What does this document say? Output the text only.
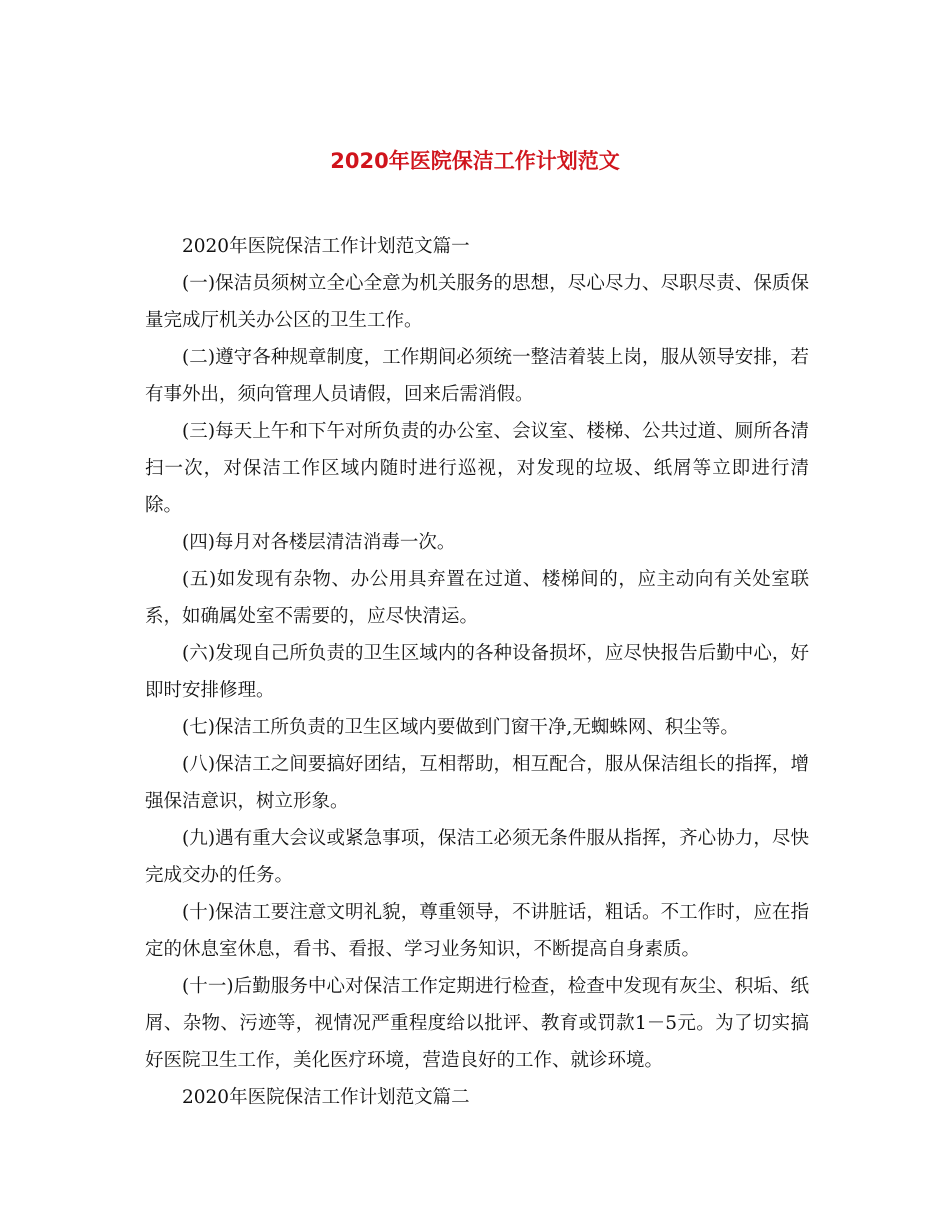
2020年医院保洁工作计划范文

2020年医院保洁工作计划范文篇一

(一)保洁员须树立全心全意为机关服务的思想，尽心尽力、尽职尽责、保质保量完成厅机关办公区的卫生工作。

(二)遵守各种规章制度，工作期间必须统一整洁着装上岗，服从领导安排，若有事外出，须向管理人员请假，回来后需消假。

(三)每天上午和下午对所负责的办公室、会议室、楼梯、公共过道、厕所各清扫一次，对保洁工作区域内随时进行巡视，对发现的垃圾、纸屑等立即进行清除。

(四)每月对各楼层清洁消毒一次。

(五)如发现有杂物、办公用具弃置在过道、楼梯间的，应主动向有关处室联系，如确属处室不需要的，应尽快清运。

(六)发现自己所负责的卫生区域内的各种设备损坏，应尽快报告后勤中心，好即时安排修理。

(七)保洁工所负责的卫生区域内要做到门窗干净,无蜘蛛网、积尘等。

(八)保洁工之间要搞好团结，互相帮助，相互配合，服从保洁组长的指挥，增强保洁意识，树立形象。

(九)遇有重大会议或紧急事项，保洁工必须无条件服从指挥，齐心协力，尽快完成交办的任务。

(十)保洁工要注意文明礼貌，尊重领导，不讲脏话，粗话。不工作时，应在指定的休息室休息，看书、看报、学习业务知识，不断提高自身素质。

(十一)后勤服务中心对保洁工作定期进行检查，检查中发现有灰尘、积垢、纸屑、杂物、污迹等，视情况严重程度给以批评、教育或罚款1－5元。为了切实搞好医院卫生工作，美化医疗环境，营造良好的工作、就诊环境。

2020年医院保洁工作计划范文篇二
